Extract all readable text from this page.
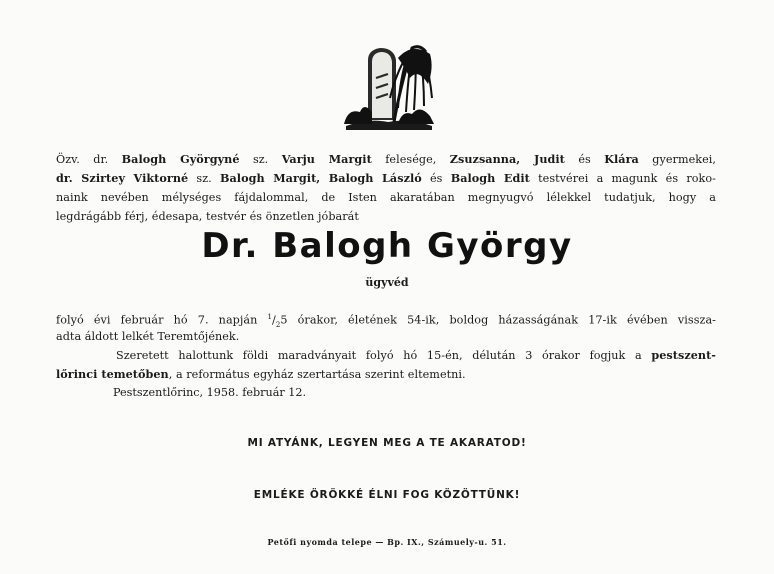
Özv. dr. Balogh Györgyné sz. Varju Margit felesége, Zsuzsanna, Judit és Klára gyermekei,

dr. Szirtey Viktorné sz. Balogh Margit, Balogh László és Balogh Edit testvérei a magunk és roko-

naink nevében mélységes fájdalommal, de Isten akaratában megnyugvó lélekkel tudatjuk, hogy a

legdrágább férj, édesapa, testvér és önzetlen jóbarát

Dr. Balogh György
ügyvéd

folyó évi február hó 7. napján $^1/_25$ órakor, életének 54-ik, boldog házasságának 17-ik évében vissza-

adta áldott lelkét Teremtőjének.

Szeretett halottunk földi maradványait folyó hó 15-én, délután 3 órakor fogjuk a pestszent-

lőrinci temetőben, a református egyház szertartása szerint eltemetni.

Pestszentlőrinc, 1958. február 12.
MI ATYÁNK, LEGYEN MEG A TE AKARATOD!
EMLÉKE ÖRÖKKÉ ÉLNI FOG KÖZÖTTÜNK!
Petőfi nyomda telepe — Bp. IX., Számuely-u. 51.
